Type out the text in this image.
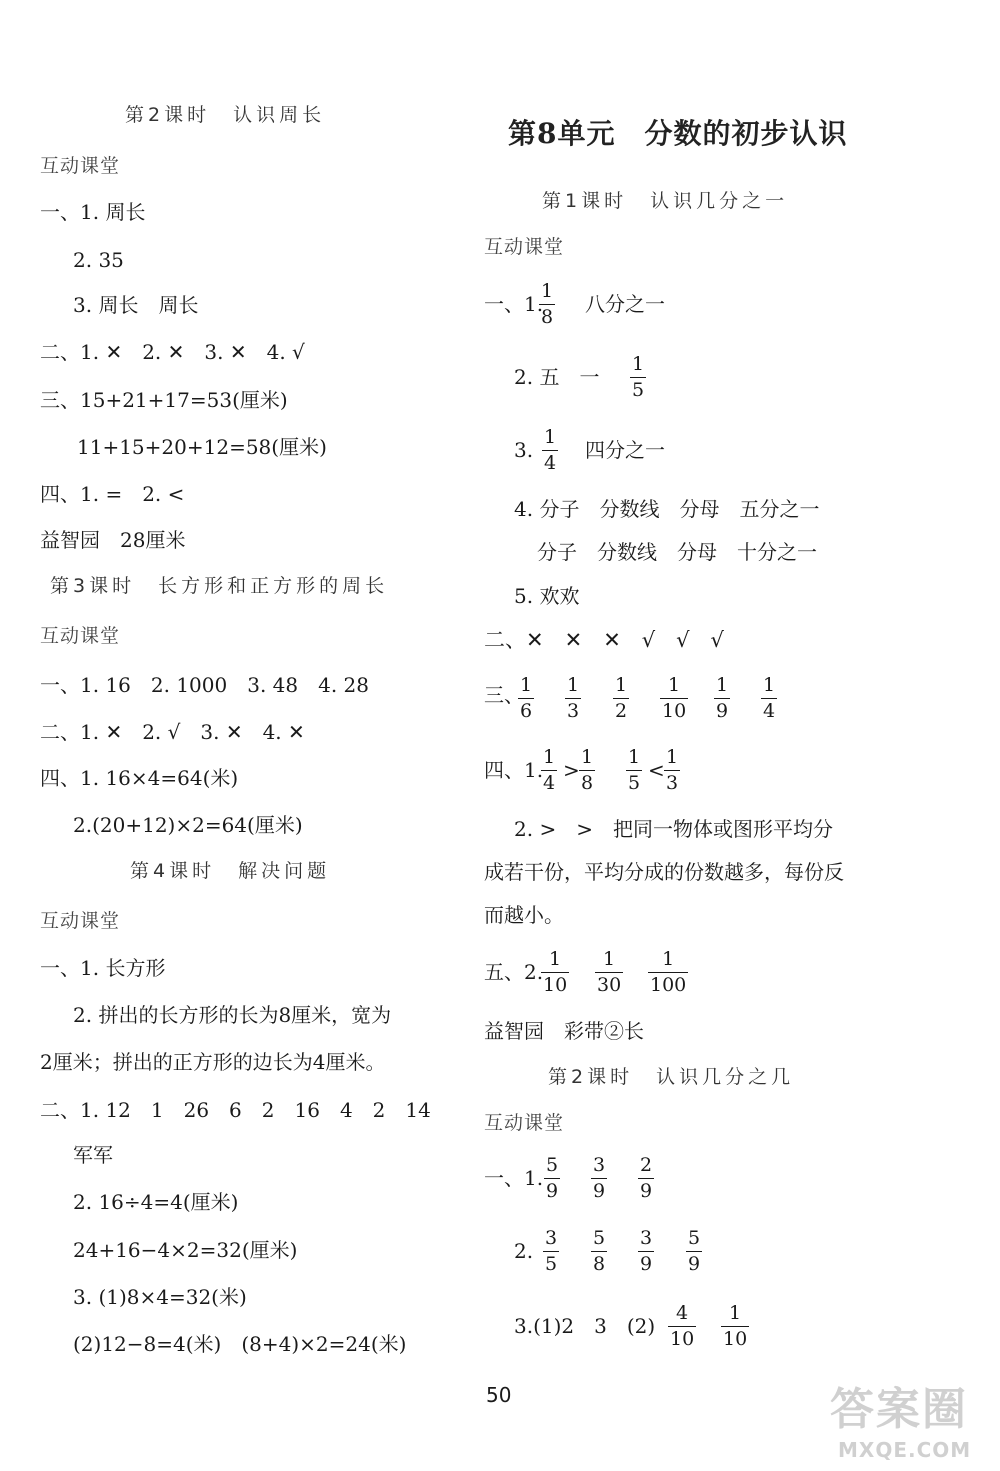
第2课时　认识周长
互动课堂
一、1. 周长
2. 35
3. 周长　周长
二、1. ✕　2. ✕　3. ✕　4. √
三、15+21+17=53(厘米)
11+15+20+12=58(厘米)
四、1. =　2. <
益智园　28厘米
第3课时　长方形和正方形的周长
互动课堂
一、1. 16　2. 1000　3. 48　4. 28
二、1. ✕　2. √　3. ✕　4. ✕
四、1. 16×4=64(米)
2.(20+12)×2=64(厘米)
第4课时　解决问题
互动课堂
一、1. 长方形
2. 拼出的长方形的长为8厘米，宽为
2厘米；拼出的正方形的边长为4厘米。
二、1. 12　1　26　6　2　16　4　2　14
军军
2. 16÷4=4(厘米)
24+16−4×2=32(厘米)
3. (1)8×4=32(米)
(2)12−8=4(米)　(8+4)×2=24(米)
第8单元　分数的初步认识
第1课时　认识几分之一
互动课堂
一、1.
$\frac{1}{8}$ 八分之一
2. 五　一 $\frac{1}{5}$
3. $\frac{1}{4}$ 四分之一
4. 分子　分数线　分母　五分之一
分子　分数线　分母　十分之一
5. 欢欢
二、✕　✕　✕　√　√　√
三、
$\frac{1}{6} \frac{1}{3} \frac{1}{2} \frac{1}{10} \frac{1}{9} \frac{1}{4}$
四、1.
$\frac{1}{4} > \frac{1}{8} \frac{1}{5} < \frac{1}{3}$
2. >　>　把同一物体或图形平均分
成若干份，平均分成的份数越多，每份反
而越小。
五、2.
$\frac{1}{10} \frac{1}{30} \frac{1}{100}$
益智园　彩带②长
第2课时　认识几分之几
互动课堂
一、1. $\frac{5}{9} \frac{3}{9} \frac{2}{9}$
2. $\frac{3}{5} \frac{5}{8} \frac{3}{9} \frac{5}{9}$
3.(1)2　3　$(2) \frac{4}{10} \frac{1}{10}$
50	答案圈
MXQE.COM
